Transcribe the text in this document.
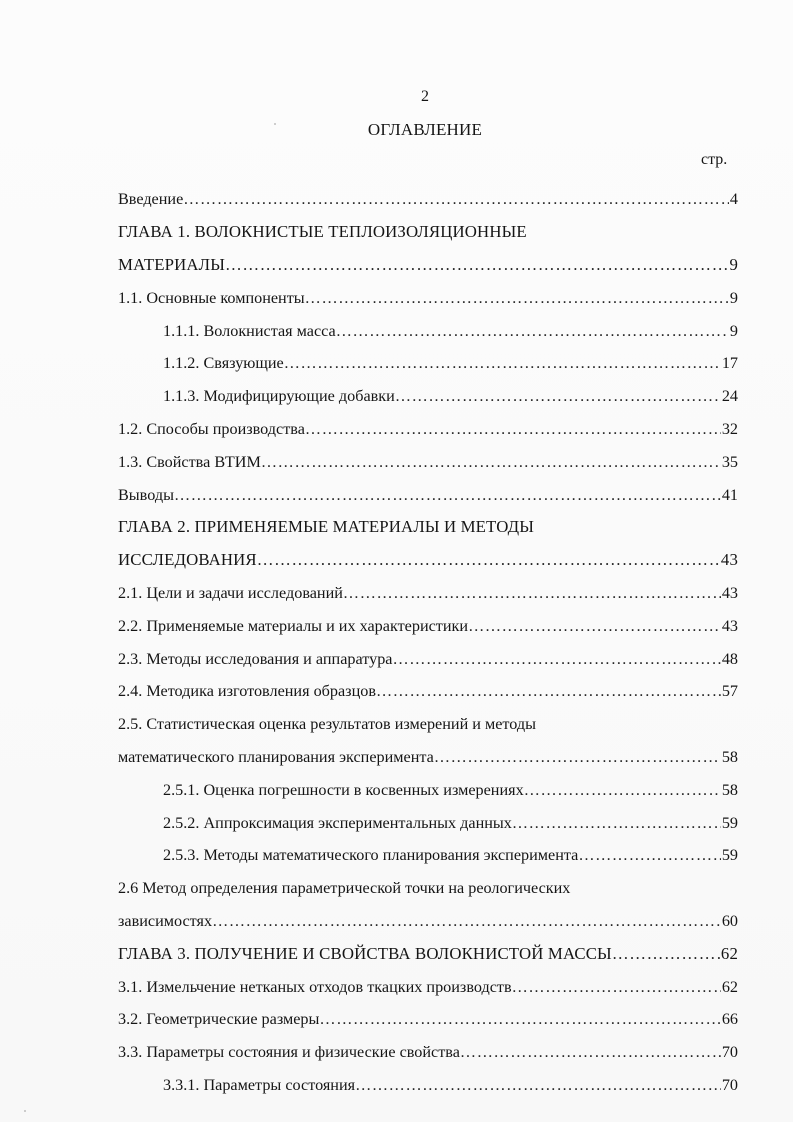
2
ОГЛАВЛЕНИЕ
стр.
Введение ………………………………………………………………………………………………………………………………………………………………………………………………	4
ГЛАВА 1. ВОЛОКНИСТЫЕ ТЕПЛОИЗОЛЯЦИОННЫЕ
МАТЕРИАЛЫ ………………………………………………………………………………………………………………………………………………………………………………………………	9
1.1. Основные компоненты ………………………………………………………………………………………………………………………………………………………………………………………………	9
1.1.1. Волокнистая масса ………………………………………………………………………………………………………………………………………………………………………………………………	9
1.1.2. Связующие ………………………………………………………………………………………………………………………………………………………………………………………………	17
1.1.3. Модифицирующие добавки ………………………………………………………………………………………………………………………………………………………………………………………………	24
1.2. Способы производства ………………………………………………………………………………………………………………………………………………………………………………………………	32
1.3. Свойства ВТИМ ………………………………………………………………………………………………………………………………………………………………………………………………	35
Выводы ………………………………………………………………………………………………………………………………………………………………………………………………	41
ГЛАВА 2. ПРИМЕНЯЕМЫЕ МАТЕРИАЛЫ И МЕТОДЫ
ИССЛЕДОВАНИЯ ………………………………………………………………………………………………………………………………………………………………………………………………	43
2.1. Цели и задачи исследований ………………………………………………………………………………………………………………………………………………………………………………………………	43
2.2. Применяемые материалы и их характеристики ………………………………………………………………………………………………………………………………………………………………………………………………	43
2.3. Методы исследования и аппаратура ………………………………………………………………………………………………………………………………………………………………………………………………	48
2.4. Методика изготовления образцов ………………………………………………………………………………………………………………………………………………………………………………………………	57
2.5. Статистическая оценка результатов измерений и методы
математического планирования эксперимента ………………………………………………………………………………………………………………………………………………………………………………………………	58
2.5.1. Оценка погрешности в косвенных измерениях ………………………………………………………………………………………………………………………………………………………………………………………………	58
2.5.2. Аппроксимация экспериментальных данных ………………………………………………………………………………………………………………………………………………………………………………………………	59
2.5.3. Методы математического планирования эксперимента ………………………………………………………………………………………………………………………………………………………………………………………………	59
2.6 Метод определения параметрической точки на реологических
зависимостях ………………………………………………………………………………………………………………………………………………………………………………………………	60
ГЛАВА 3. ПОЛУЧЕНИЕ И СВОЙСТВА ВОЛОКНИСТОЙ МАССЫ ………………………………………………………………………………………………………………………………………………………………………………………………	62
3.1. Измельчение нетканых отходов ткацких производств ………………………………………………………………………………………………………………………………………………………………………………………………	62
3.2. Геометрические размеры ………………………………………………………………………………………………………………………………………………………………………………………………	66
3.3. Параметры состояния и физические свойства ………………………………………………………………………………………………………………………………………………………………………………………………	70
3.3.1. Параметры состояния ………………………………………………………………………………………………………………………………………………………………………………………………	70
